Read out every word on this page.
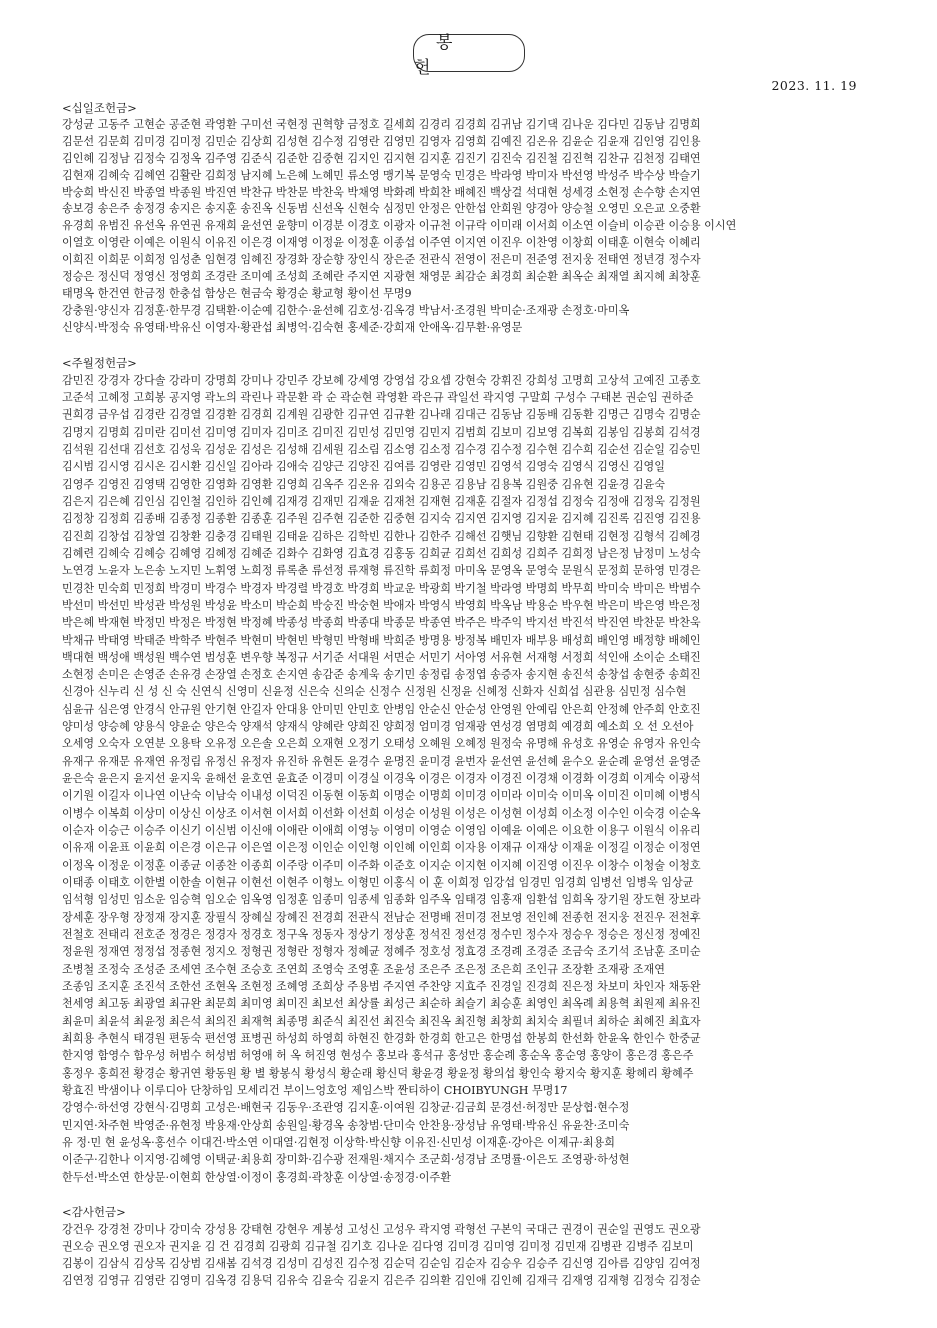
봉 헌
2023. 11. 19
<십일조헌금>
강성균 고동주 고현순 공준현 곽영환 구미선 국현정 권혁향 금정호 길세희 김경리 김경희 김귀남 김기댁 김나운 김다민 김동남 김명희
김문선 김문희 김미경 김미정 김민순 김상희 김성현 김수정 김영란 김영민 김영자 김영희 김예진 김온유 김윤순 김윤재 김인영 김인용
김인혜 김정남 김정숙 김정옥 김주영 김준식 김준한 김중현 김지인 김지현 김지훈 김진기 김진숙 김진철 김진혁 김찬규 김천정 김태연
김현재 김혜숙 김혜연 김활란 김희정 남지혜 노은혜 노혜민 류소영 맹기복 문영숙 민경은 박라영 박미자 박선영 박성주 박수상 박슬기
박숭희 박신진 박종열 박종원 박진연 박찬규 박찬문 박찬욱 박채영 박화례 박희찬 배혜진 백상걸 석대현 성세경 소현정 손수향 손지연
송보경 송은주 송정경 송지은 송지훈 송진옥 신동범 신선옥 신현숙 심정민 안정은 안한섭 안희원 양경아 양승철 오영민 오은교 오중환
유경희 유범진 유선옥 유연권 유재희 윤선연 윤향미 이경분 이경호 이광자 이규천 이규락 이미래 이서희 이소연 이슬비 이승관 이승용 이시연
이열호 이영란 이예은 이원식 이유진 이은경 이재영 이정윤 이정훈 이종섭 이주연 이지연 이진우 이찬영 이창희 이태훈 이현숙 이혜리
이희진 이희문 이희정 임성춘 임현경 임혜진 장경화 장순향 장인식 장은준 전관식 전영이 전은미 전준영 전지웅 전태연 정년경 정수자
정승은 정신덕 정영신 정영희 조경란 조미예 조성희 조혜란 주지연 지광현 채영문 최감순 최경희 최순환 최옥순 최재열 최지혜 최창훈
태명옥 한건연 한금정 한충섭 함상은 현금숙 황경순 황교형 황이선 무명9
강충원·양신자 김정훈·한무경 김택환·이순예 김한수·윤선혜 김호성·김옥경 박남서·조경원 박미순·조재광 손정호·마미옥
신양식·박정숙 유영태·박유신 이영자·황관섭 최병억·김숙현 홍세준·강희재 안애옥·김무환·유영문
<주월정헌금>
감민진 강경자 강다솔 강라미 강명희 강미나 강민주 강보혜 강세영 강영섭 강요셉 강현숙 강휘진 강희성 고명희 고상석 고예진 고종호
고준석 고혜정 고희봉 공지영 곽노의 곽린나 곽문환 곽 순 곽순현 곽영환 곽은규 곽일선 곽지영 구말희 구성수 구태본 권순임 권하준
권희경 금우섭 김경란 김경열 김경환 김경희 김계원 김광한 김규연 김규환 김나래 김대근 김동남 김동배 김동환 김명근 김명숙 김명순
김명지 김명희 김미란 김미선 김미영 김미자 김미조 김미진 김민성 김민영 김민지 김범희 김보미 김보영 김복희 김봉임 김봉희 김석경
김석원 김선대 김선호 김성욱 김성운 김성은 김성해 김세원 김소림 김소영 김소정 김수경 김수정 김수현 김수희 김순선 김순일 김승민
김시범 김시영 김시온 김시환 김신일 김아라 김애숙 김양근 김양진 김여름 김영란 김영민 김영석 김영숙 김영식 김영신 김영일
김영주 김영진 김영택 김영한 김영화 김영환 김영희 김옥주 김온유 김외숙 김용곤 김용남 김용복 김원중 김유현 김윤경 김윤숙
김은지 김은혜 김인심 김인철 김인하 김인혜 김재경 김재민 김재윤 김재천 김재현 김재훈 김절자 김정섭 김정숙 김정애 김정욱 김정원
김정창 김정희 김종배 김종정 김종환 김종훈 김주원 김주현 김준한 김중현 김지숙 김지연 김지영 김지윤 김지혜 김진록 김진영 김진용
김진희 김창섭 김창열 김창환 김충경 김태원 김태윤 김하은 김학빈 김한나 김한주 김해선 김햇님 김향환 김현태 김현정 김형석 김혜경
김혜련 김혜숙 김혜승 김혜영 김혜정 김혜준 김화수 김화영 김효경 김홍동 김희균 김희선 김희성 김희주 김희정 남은정 남정미 노성숙
노연경 노윤자 노은송 노지민 노휘영 노희정 류록춘 류선정 류재형 류진학 류희정 마미옥 문영옥 문영숙 문원식 문정희 문하영 민경은
민경찬 민숙희 민정희 박경미 박경수 박경자 박경렬 박경호 박경희 박교운 박광희 박기철 박라영 박명희 박무희 박미숙 박미은 박범수
박선미 박선민 박성관 박성원 박성윤 박소미 박순희 박숭진 박숭현 박애자 박영식 박영희 박옥남 박용순 박우현 박은미 박은영 박은정
박은혜 박재현 박정민 박정은 박정현 박정혜 박종성 박종희 박종대 박종문 박종연 박주은 박주익 박지선 박진석 박진연 박찬문 박찬욱
박채규 박태영 박태준 박학주 박현주 박현미 박현빈 박형민 박형배 박희준 방명용 방정복 배민자 배부용 배성희 배인영 배정향 배혜인
백대현 백성애 백성원 백수연 범성훈 변우향 복정규 서기준 서대원 서면순 서민기 서아영 서유현 서재형 서정희 석인애 소이순 소태진
소현정 손미은 손영준 손유경 손장열 손정호 손지연 송감준 송계욱 송기민 송정림 송정엽 송증자 송지현 송진석 송창섭 송현중 송희진
신경아 신누리 신 성 신 숙 신연식 신영미 신윤정 신은숙 신의순 신정수 신정원 신정윤 신혜정 신화자 신희섭 심관용 심민정 심수현
심윤규 심은영 안경식 안규원 안기현 안길자 안대용 안미민 안민호 안병임 안순신 안순성 안영원 안예림 안은희 안정혜 안주희 안호진
양미성 양승혜 양용식 양윤순 양은숙 양재석 양재식 양혜란 양희진 양희정 엄미경 엄재광 연성경 염명희 예경희 예소희 오 선 오선아
오세영 오숙자 오연분 오용탁 오유정 오은솔 오은희 오재현 오정기 오태성 오혜원 오혜정 원정숙 유명해 유성호 유영순 유영자 유인숙
유재구 유재문 유재연 유정림 유정신 유정자 유진하 유현돈 윤경수 윤명진 윤미경 윤번자 윤선연 윤선혜 윤수오 윤순례 윤영선 윤영준
윤은숙 윤은지 윤지선 윤지욱 윤해선 윤호연 윤효준 이경미 이경실 이경옥 이경은 이경자 이경진 이경채 이경화 이경희 이계숙 이광석
이기원 이길자 이나연 이난숙 이남숙 이내성 이덕진 이동현 이동희 이명순 이명희 이미경 이미라 이미숙 이미옥 이미진 이미혜 이병식
이병수 이복희 이상미 이상신 이상조 이서현 이서희 이선화 이선희 이성순 이성원 이성은 이성현 이성희 이소정 이수인 이숙경 이순옥
이순자 이승근 이승주 이신기 이신범 이신애 이애란 이애희 이영능 이영미 이영순 이영임 이예윤 이예은 이요한 이용구 이원식 이유리
이유재 이윤표 이윤희 이은경 이은규 이은열 이은정 이인순 이인형 이인혜 이인희 이자용 이재규 이재상 이재윤 이정길 이정순 이정연
이정옥 이정운 이정훈 이종균 이종찬 이종희 이주랑 이주미 이주화 이준호 이지순 이지현 이지혜 이진영 이진우 이창수 이청술 이청호
이태종 이태호 이한별 이한솔 이현규 이현선 이현주 이형노 이형민 이홍식 이 훈 이희정 임강섭 임경민 임경희 임병선 임병욱 임상균
임석형 임성민 임소운 임승혁 임오순 임옥영 임정훈 임종미 임종세 임종화 임주옥 임태경 임홍재 임환섭 임희옥 장기원 장도현 장보라
장세훈 장우형 장정재 장지훈 장필식 장혜실 장혜진 전경희 전관식 전남순 전명배 전미경 전보영 전인혜 전종헌 전지웅 전진우 전천후
전철호 전태리 전호준 정경은 정경자 정경호 정구옥 정동자 정상기 정상훈 정석진 정선경 정수민 정수자 정승우 정승은 정신정 정예진
정윤원 정재연 정정섭 정종현 정지오 정형권 정형란 정형자 정혜균 정혜주 정호성 정효경 조경례 조경준 조금숙 조기석 조남훈 조미순
조병철 조정숙 조성준 조세연 조수현 조승호 조연희 조영숙 조영훈 조윤성 조은주 조은정 조은희 조인규 조장환 조재광 조재연
조종임 조지훈 조진석 조한선 조현옥 조현정 조혜영 조희상 주용범 주지연 주찬양 지효주 진경일 진경희 진은정 차보미 차인자 채동완
천세영 최고동 최광열 최규완 최문희 최미영 최미진 최보선 최상률 최성근 최순하 최슬기 최승훈 최영인 최옥례 최용혁 최원제 최유진
최윤미 최윤석 최윤정 최은석 최의진 최재혁 최종명 최준식 최진선 최진숙 최진옥 최진형 최창희 최치숙 최필녀 최하순 최혜진 최효자
최희용 추현식 태경원 편동숙 편선영 표병권 하성희 하영희 하현진 한경화 한경희 한고은 한명섭 한봉희 한선화 한윤옥 한인수 한중균
한지영 함영수 함우성 허범수 허성범 허영애 허 옥 허진영 현성수 홍보라 홍석규 홍성만 홍순례 홍순옥 홍순영 홍양이 홍은경 홍은주
홍정우 홍희전 황경순 황귀연 황동원 황 별 황봉식 황성식 황순래 황신덕 황윤경 황윤정 황의섭 황인숙 황지숙 황지훈 황혜리 황혜주
황효진 박샘이나 이루디아 단창하임 모세리건 부이느엉호엉 제임스박 짠티하이 CHOIBYUNGH 무명17
강영수·하선영 강현식·김명희 고성은·배현국 김동우·조관영 김지훈·이여원 김창균·김금희 문경선·허정만 문상협·현수정
민지연·차주현 박영준·유현정 박용재·안상희 송원일·황경옥 송창범·단미숙 안찬용·장성남 유영태·박유신 유윤찬·조미숙
유 정·민 현 윤성옥·홍선수 이대건·박소연 이대열·김현정 이상학·박신향 이유진·신민성 이재훈·강아은 이제규·최용희
이준구·김한나 이지영·김혜영 이택균·최용희 장미화·김수광 전재원·채지수 조군희·성경남 조명률·이은도 조영광·하성현
한두선·박소연 한상문·이현희 한상열·이정이 홍경희·곽창훈 이상열·송정경·이주환
<감사헌금>
강건우 강경천 강미나 강미숙 강성용 강태현 강현우 계봉성 고성신 고성우 곽지영 곽형선 구본익 국대근 권경이 권순일 권영도 권오광
권오승 권오영 권오자 권지윤 김 건 김경희 김광희 김규철 김기호 김나운 김다영 김미경 김미영 김미정 김민재 김병관 김병주 김보미
김봉이 김삼식 김상목 김상범 김새봄 김석경 김성미 김성진 김수정 김순덕 김순임 김순자 김승우 김승주 김신영 김아름 김양임 김여정
김연정 김영규 김영란 김영미 김옥경 김용덕 김유숙 김윤숙 김윤지 김은주 김의환 김인애 김인혜 김재극 김재영 김재형 김정숙 김정순
